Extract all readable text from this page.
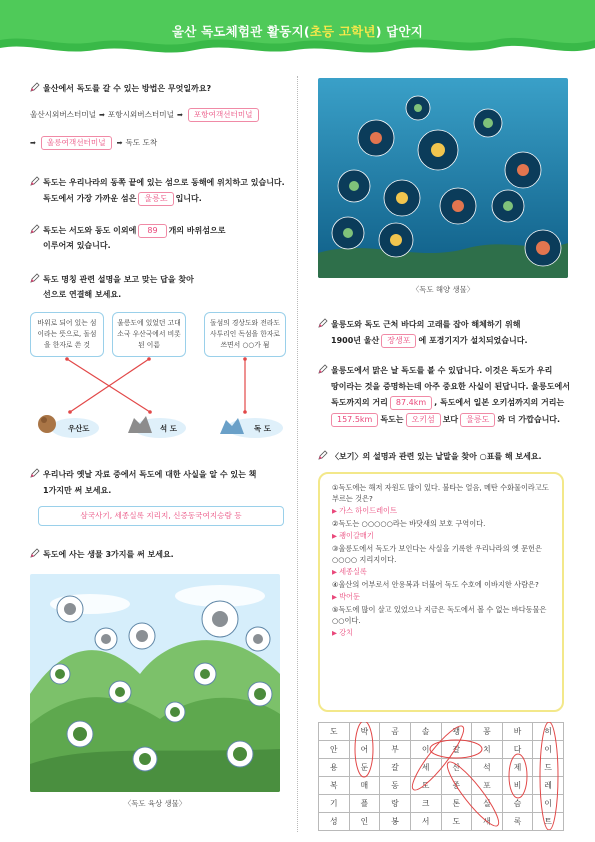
울산 독도체험관 활동지(초등 고학년) 답안지
울산에서 독도를 갈 수 있는 방법은 무엇일까요?
울산시외버스터미널 ➡ 포항시외버스터미널 ➡ 포항여객선터미널
➡ 울릉여객선터미널 ➡ 독도 도착
독도는 우리나라의 동쪽 끝에 있는 섬으로 동해에 위치하고 있습니다.
독도에서 가장 가까운 섬은 울릉도 입니다.
독도는 서도와 동도 이외에 89 개의 바위섬으로
이루어져 있습니다.
독도 명칭 관련 설명을 보고 맞는 답을 찾아
선으로 연결해 보세요.
바위로 되어 있는 섬이라는 뜻으로, 돌섬을 한자로 쓴 것
울릉도에 있었던 고대 소국 우산국에서 비롯된 이름
돌섬의 경상도와 전라도 사투리인 독섬을 한자로 쓰면서 ○○가 됨
우산도	석 도	독 도
우리나라 옛날 자료 중에서 독도에 대한 사실을 알 수 있는 책
1가지만 써 보세요.
삼국사기, 세종실록 지리지, 신증동국여지승람 등
독도에 사는 생물 3가지를 써 보세요.
〈독도 육상 생물〉
〈독도 해양 생물〉
울릉도와 독도 근처 바다의 고래를 잡아 해체하기 위해
1900년 울산 장생포 에 포경기지가 설치되었습니다.
울릉도에서 맑은 날 독도를 볼 수 있답니다. 이것은 독도가 우리
땅이라는 것을 증명하는데 아주 중요한 사실이 된답니다. 울릉도에서
독도까지의 거리 87.4km , 독도에서 일본 오키섬까지의 거리는
157.5km 독도는 오키섬 보다 울릉도 와 더 가깝습니다.
〈보기〉의 설명과 관련 있는 낱말을 찾아 ○표를 해 보세요.
①독도에는 해저 자원도 많이 있다. 불타는 얼음, 메탄 수화물이라고도 부르는 것은?
▶ 가스 하이드레이트
②독도는 ○○○○○라는 바닷새의 보호 구역이다.
▶ 괭이갈매기
③울릉도에서 독도가 보인다는 사실을 기록한 우리나라의 옛 문헌은 ○○○○ 지리지이다.
▶ 세종실록
④울산의 어부로서 안용복과 더불어 독도 수호에 이바지한 사람은?
▶ 박어둔
⑤독도에 많이 살고 있었으나 지금은 독도에서 볼 수 없는 바다동물은 ○○이다.
▶ 강치
도	박	곰	솔	괭	꽁	바	히
안	어	부	이	갈	치	다	이
용	둔	갈	세	산	석	제	드
복	매	동	도	종	포	비	레
기	플	랑	크	톤	실	슴	이
성	인	봉	서	도	새	록	트
